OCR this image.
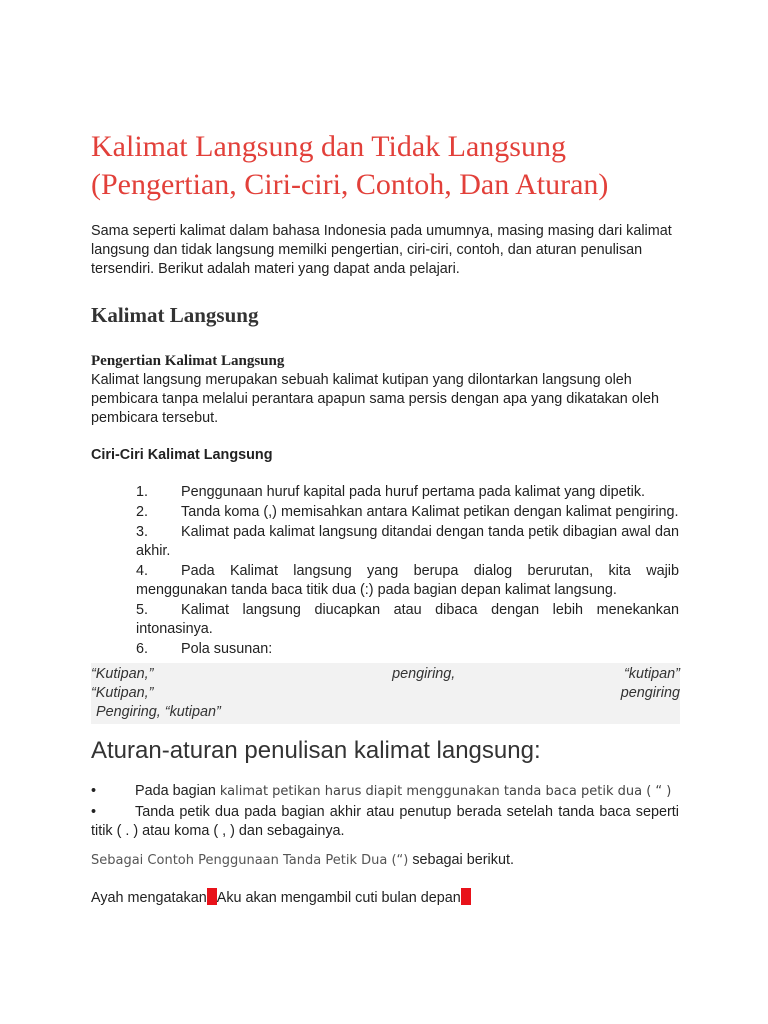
Kalimat Langsung dan Tidak Langsung
(Pengertian, Ciri-ciri, Contoh, Dan Aturan)

Sama seperti kalimat dalam bahasa Indonesia pada umumnya, masing masing dari kalimat langsung dan tidak langsung memilki pengertian, ciri-ciri, contoh, dan aturan penulisan tersendiri. Berikut adalah materi yang dapat anda pelajari.

Kalimat Langsung
Pengertian Kalimat Langsung

Kalimat langsung merupakan sebuah kalimat kutipan yang dilontarkan langsung oleh pembicara tanpa melalui perantara apapun sama persis dengan apa yang dikatakan oleh pembicara tersebut.

Ciri-Ciri Kalimat Langsung
1. Penggunaan huruf kapital pada huruf pertama pada kalimat yang dipetik.
2. Tanda koma (,) memisahkan antara Kalimat petikan dengan kalimat pengiring.
3. Kalimat pada kalimat langsung ditandai dengan tanda petik dibagian awal dan akhir.
4. Pada Kalimat langsung yang berupa dialog berurutan, kita wajib menggunakan tanda baca titik dua (:) pada bagian depan kalimat langsung.
5. Kalimat langsung diucapkan atau dibaca dengan lebih menekankan intonasinya.
6. Pola susunan:
“Kutipan,”	pengiring,	“kutipan”
“Kutipan,”	pengiring
Pengiring, “kutipan”
Aturan-aturan penulisan kalimat langsung:
•	Pada bagian kalimat petikan harus diapit menggunakan tanda baca petik dua ( “ )
•	Tanda petik dua pada bagian akhir atau penutup berada setelah tanda baca seperti titik ( . ) atau koma ( , ) dan sebagainya.
Sebagai Contoh Penggunaan Tanda Petik Dua (“) sebagai berikut.
Ayah mengatakan Aku akan mengambil cuti bulan depan
